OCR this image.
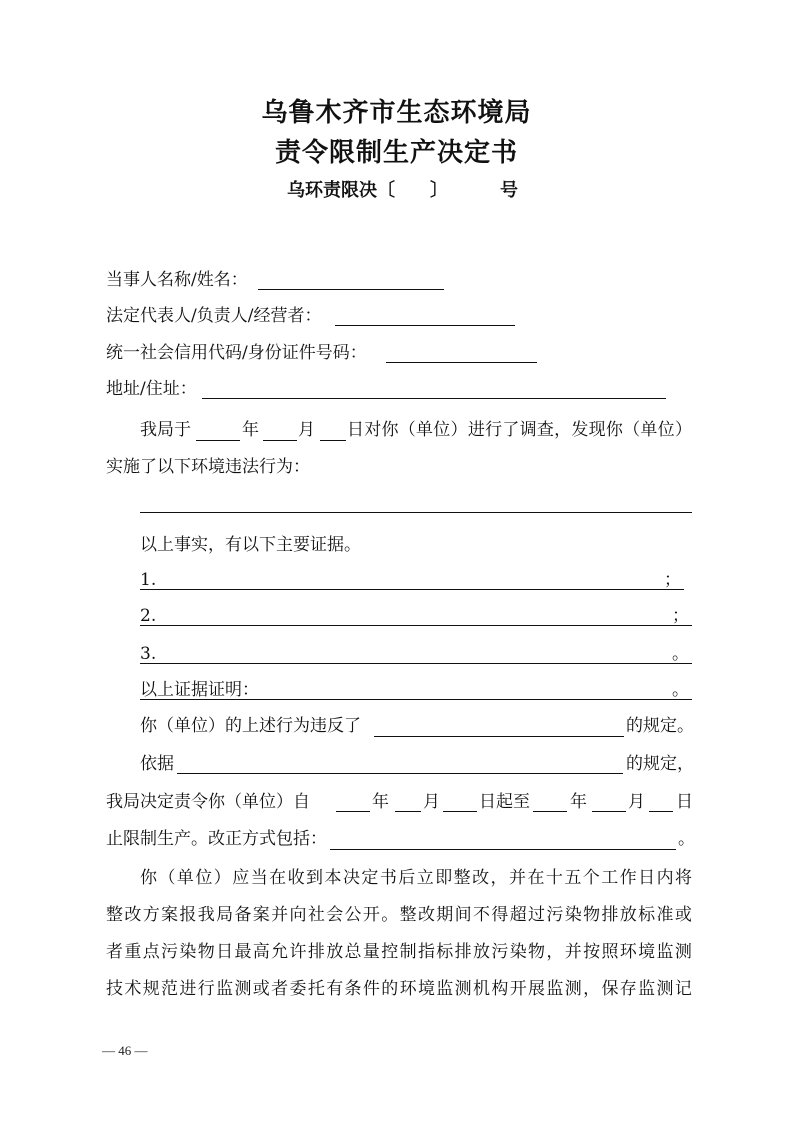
乌鲁木齐市生态环境局
责令限制生产决定书
乌环责限决〔 〕	号
当事人名称/姓名：
法定代表人/负责人/经营者：
统一社会信用代码/身份证件号码：
地址/住址：
我局于	年 月 日对你（单位）进行了调查，发现你（单位）
实施了以下环境违法行为：
以上事实，有以下主要证据。
1.	；
2.	；
3.	。
以上证据证明：	。
你（单位）的上述行为违反了	的规定。
依据	的规定，
我局决定责令你（单位）自	年 月 日起至 年 月 日
止限制生产。改正方式包括：	。
你（单位）应当在收到本决定书后立即整改，并在十五个工作日内将
整改方案报我局备案并向社会公开。整改期间不得超过污染物排放标准或
者重点污染物日最高允许排放总量控制指标排放污染物，并按照环境监测
技术规范进行监测或者委托有条件的环境监测机构开展监测，保存监测记
— 46 —
